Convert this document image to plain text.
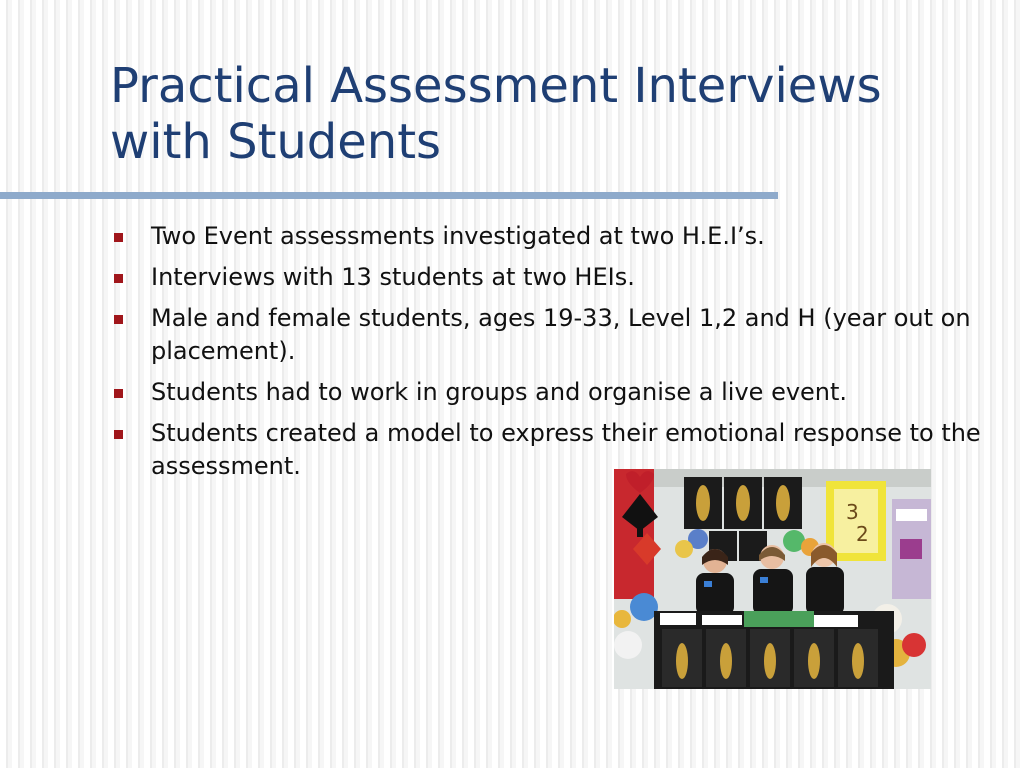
Practical Assessment Interviews with Students
Two Event assessments investigated at two H.E.I’s.
Interviews with 13 students at two HEIs.
Male and female students, ages 19-33, Level 1,2 and H (year out on placement).
Students had to work in groups and organise a live event.
Students created a model to express their emotional response to the assessment.
3
2
